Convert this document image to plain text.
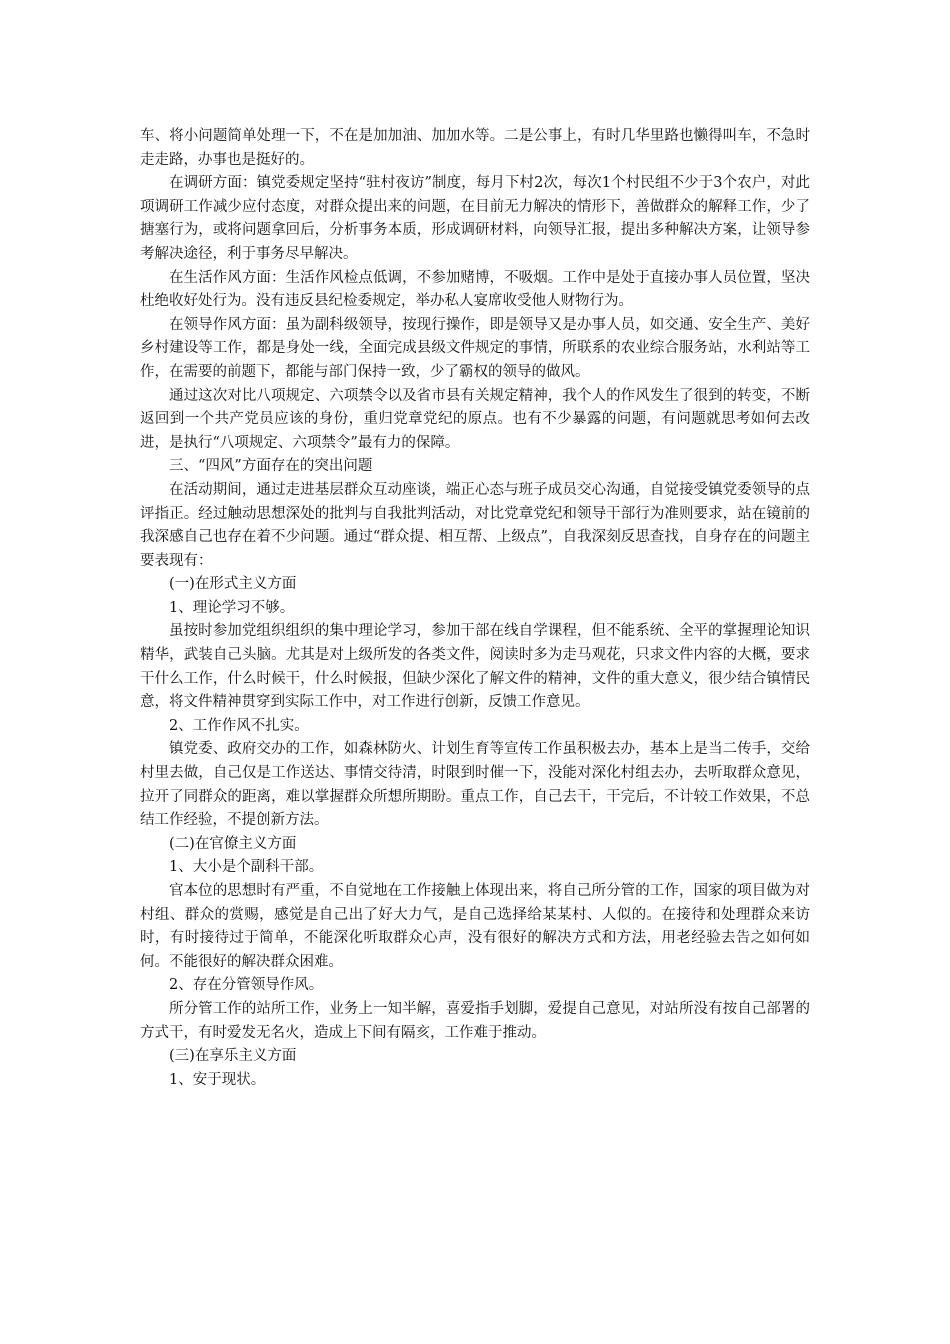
车、将小问题简单处理一下，不在是加加油、加加水等。二是公事上，有时几华里路也懒得叫车，不急时走走路，办事也是挺好的。

在调研方面：镇党委规定坚持“驻村夜访”制度，每月下村2次，每次1个村民组不少于3个农户，对此项调研工作减少应付态度，对群众提出来的问题，在目前无力解决的情形下，善做群众的解释工作，少了搪塞行为，或将问题拿回后，分析事务本质，形成调研材料，向领导汇报，提出多种解决方案，让领导参考解决途径，利于事务尽早解决。

在生活作风方面：生活作风检点低调，不参加赌博，不吸烟。工作中是处于直接办事人员位置，坚决杜绝收好处行为。没有违反县纪检委规定，举办私人宴席收受他人财物行为。

在领导作风方面：虽为副科级领导，按现行操作，即是领导又是办事人员，如交通、安全生产、美好乡村建设等工作，都是身处一线，全面完成县级文件规定的事情，所联系的农业综合服务站，水利站等工作，在需要的前题下，都能与部门保持一致，少了霸权的领导的做风。

通过这次对比八项规定、六项禁令以及省市县有关规定精神，我个人的作风发生了很到的转变，不断返回到一个共产党员应该的身份，重归党章党纪的原点。也有不少暴露的问题，有问题就思考如何去改进，是执行“八项规定、六项禁令”最有力的保障。

三、“四风”方面存在的突出问题

在活动期间，通过走进基层群众互动座谈，端正心态与班子成员交心沟通，自觉接受镇党委领导的点评指正。经过触动思想深处的批判与自我批判活动，对比党章党纪和领导干部行为准则要求，站在镜前的我深感自己也存在着不少问题。通过“群众提、相互帮、上级点”，自我深刻反思查找，自身存在的问题主要表现有：

(一)在形式主义方面

1、理论学习不够。

虽按时参加党组织组织的集中理论学习，参加干部在线自学课程，但不能系统、全平的掌握理论知识精华，武装自己头脑。尤其是对上级所发的各类文件，阅读时多为走马观花，只求文件内容的大概，要求干什么工作，什么时候干，什么时候报，但缺少深化了解文件的精神，文件的重大意义，很少结合镇情民意，将文件精神贯穿到实际工作中，对工作进行创新，反馈工作意见。

2、工作作风不扎实。

镇党委、政府交办的工作，如森林防火、计划生育等宣传工作虽积极去办，基本上是当二传手，交给村里去做，自己仅是工作送达、事情交待清，时限到时催一下，没能对深化村组去办，去听取群众意见，拉开了同群众的距离，难以掌握群众所想所期盼。重点工作，自己去干，干完后，不计较工作效果，不总结工作经验，不提创新方法。

(二)在官僚主义方面

1、大小是个副科干部。

官本位的思想时有严重，不自觉地在工作接触上体现出来，将自己所分管的工作，国家的项目做为对村组、群众的赏赐，感觉是自己出了好大力气，是自己选择给某某村、人似的。在接待和处理群众来访时，有时接待过于简单，不能深化听取群众心声，没有很好的解决方式和方法，用老经验去告之如何如何。不能很好的解决群众困难。

2、存在分管领导作风。

所分管工作的站所工作，业务上一知半解，喜爱指手划脚，爱提自己意见，对站所没有按自己部署的方式干，有时爱发无名火，造成上下间有隔亥，工作难于推动。

(三)在享乐主义方面

1、安于现状。
